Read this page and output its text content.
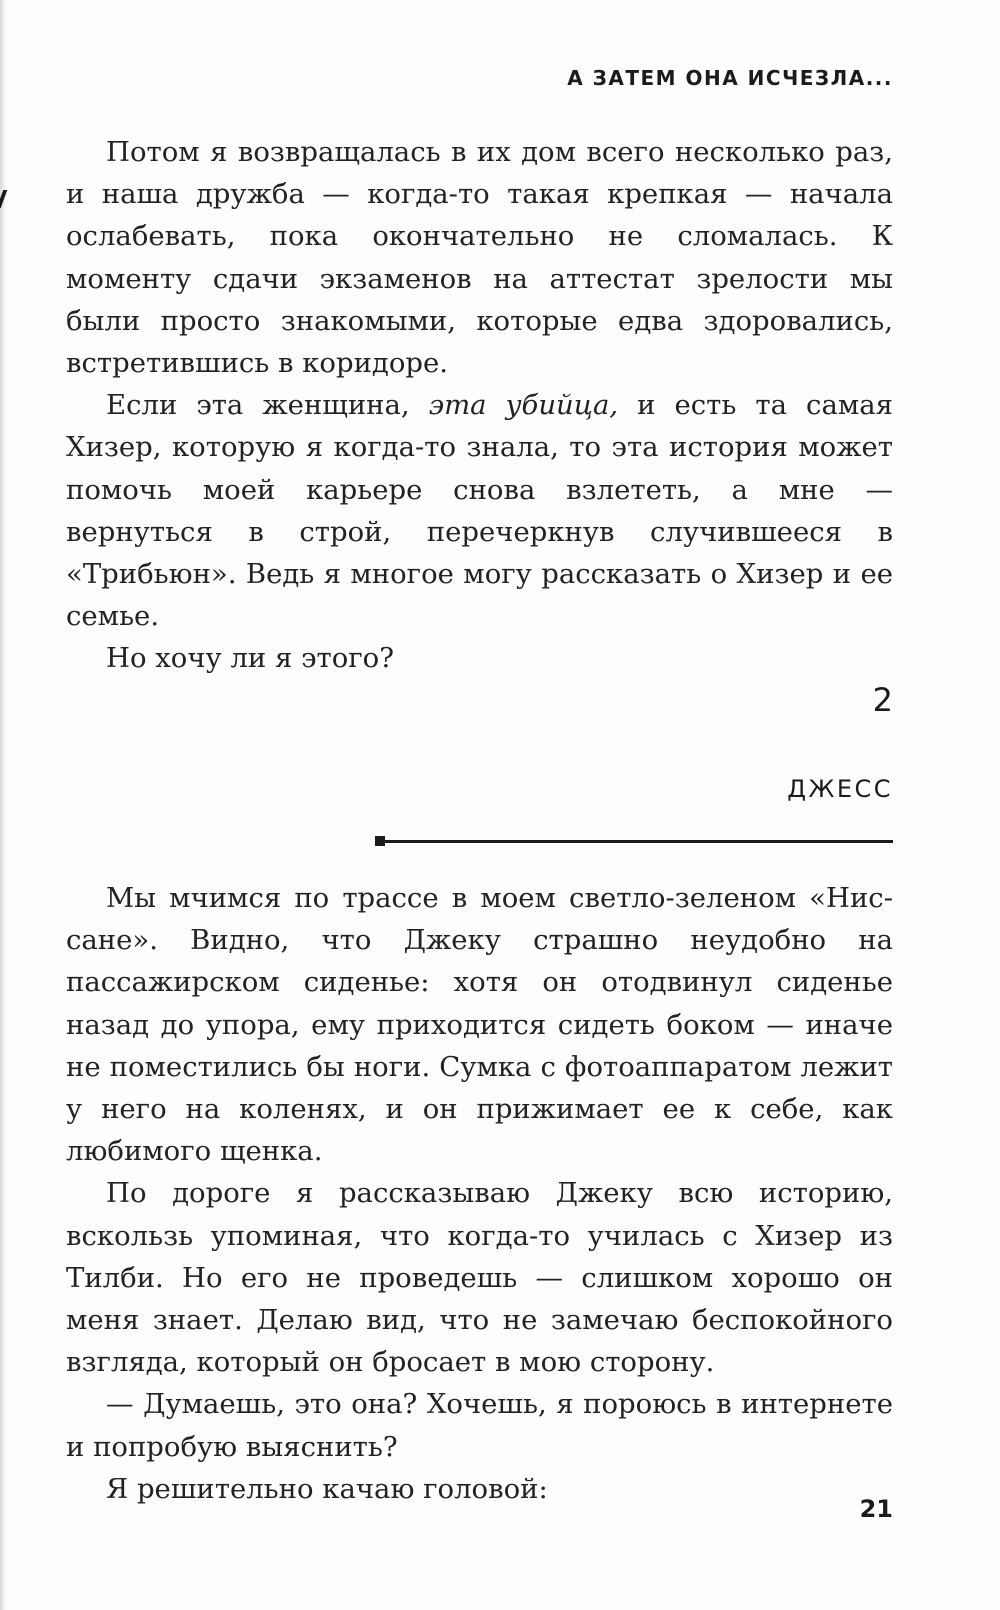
А ЗАТЕМ ОНА ИСЧЕЗЛА...

Потом я возвращалась в их дом всего несколько раз, и наша дружба — когда-то такая крепкая — начала ослабевать, пока окончательно не сломалась. К моменту сдачи экзаменов на аттестат зрелости мы были просто знакомыми, которые едва здоровались, встретившись в коридоре.

Если эта женщина, эта убийца, и есть та самая Хизер, которую я когда-то знала, то эта история может помочь моей карьере снова взлететь, а мне — вернуться в строй, перечеркнув случившееся в «Трибьюн». Ведь я многое могу рассказать о Хизер и ее семье.

Но хочу ли я этого?

2
ДЖЕСС

Мы мчимся по трассе в моем светло-зеленом «Ниссане». Видно, что Джеку страшно неудобно на пассажирском сиденье: хотя он отодвинул сиденье назад до упора, ему приходится сидеть боком — иначе не поместились бы ноги. Сумка с фотоаппаратом лежит у него на коленях, и он прижимает ее к себе, как любимого щенка.

По дороге я рассказываю Джеку всю историю, вскользь упоминая, что когда-то училась с Хизер из Тилби. Но его не проведешь — слишком хорошо он меня знает. Делаю вид, что не замечаю беспокойного взгляда, который он бросает в мою сторону.

— Думаешь, это она? Хочешь, я пороюсь в интернете и попробую выяснить?

Я решительно качаю головой:

21
